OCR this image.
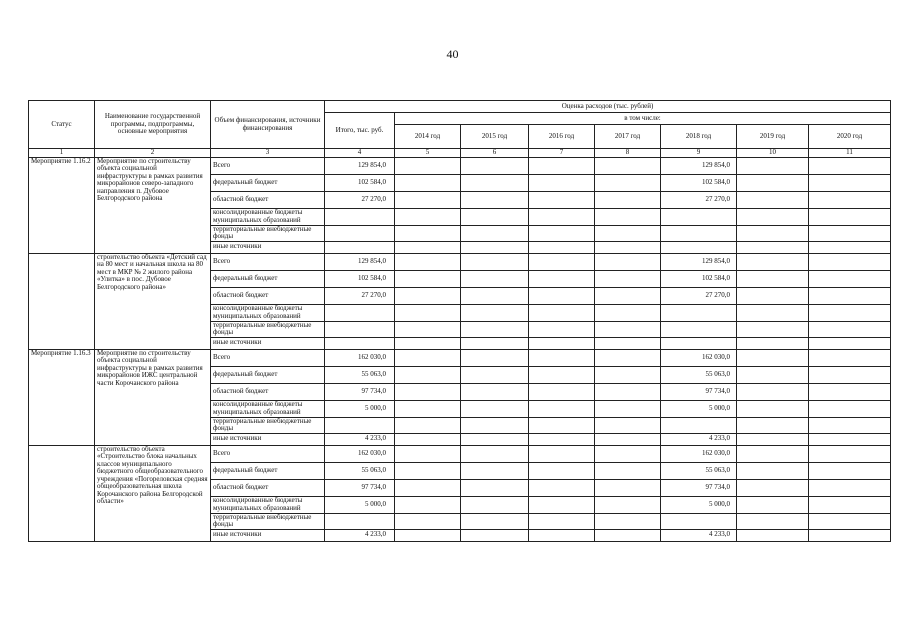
40
Статус	Наименование государственной программы, подпрограммы, основные мероприятия	Объем финансирования, источники финансирования	Оценка расходов (тыс. рублей)							
			Итого, тыс. руб.	в том числе:						
				2014 год	2015 год	2016 год	2017 год	2018 год	2019 год	2020 год
1	2	3	4	5	6	7	8	9	10	11
Мероприятие 1.16.2	Мероприятие по строительству объекта социальной инфраструктуры в рамках развития микрорайонов северо-западного направления п. Дубовое Белгородского района	Всего	129 854,0					129 854,0		
		федеральный бюджет	102 584,0					102 584,0		
		областной бюджет	27 270,0					27 270,0		
		консолидированные бюджеты муниципальных образований								
		территориальные внебюджетные фонды								
		иные источники								
	строительство объекта «Детский сад на 80 мест и начальная школа на 80 мест в МКР № 2 жилого района «Улитка» в пос. Дубовое Белгородского района»	Всего	129 854,0					129 854,0		
		федеральный бюджет	102 584,0					102 584,0		
		областной бюджет	27 270,0					27 270,0		
		консолидированные бюджеты муниципальных образований								
		территориальные внебюджетные фонды								
		иные источники								
Мероприятие 1.16.3	Мероприятие по строительству объекта социальной инфраструктуры в рамках развития микрорайонов ИЖС центральной части Корочанского района	Всего	162 030,0					162 030,0		
		федеральный бюджет	55 063,0					55 063,0		
		областной бюджет	97 734,0					97 734,0		
		консолидированные бюджеты муниципальных образований	5 000,0					5 000,0		
		территориальные внебюджетные фонды								
		иные источники	4 233,0					4 233,0		
	строительство объекта «Строительство блока начальных классов муниципального бюджетного общеобразовательного учреждения «Погореловская средняя общеобразовательная школа Корочанского района Белгородской области»	Всего	162 030,0					162 030,0		
		федеральный бюджет	55 063,0					55 063,0		
		областной бюджет	97 734,0					97 734,0		
		консолидированные бюджеты муниципальных образований	5 000,0					5 000,0		
		территориальные внебюджетные фонды								
		иные источники	4 233,0					4 233,0		
